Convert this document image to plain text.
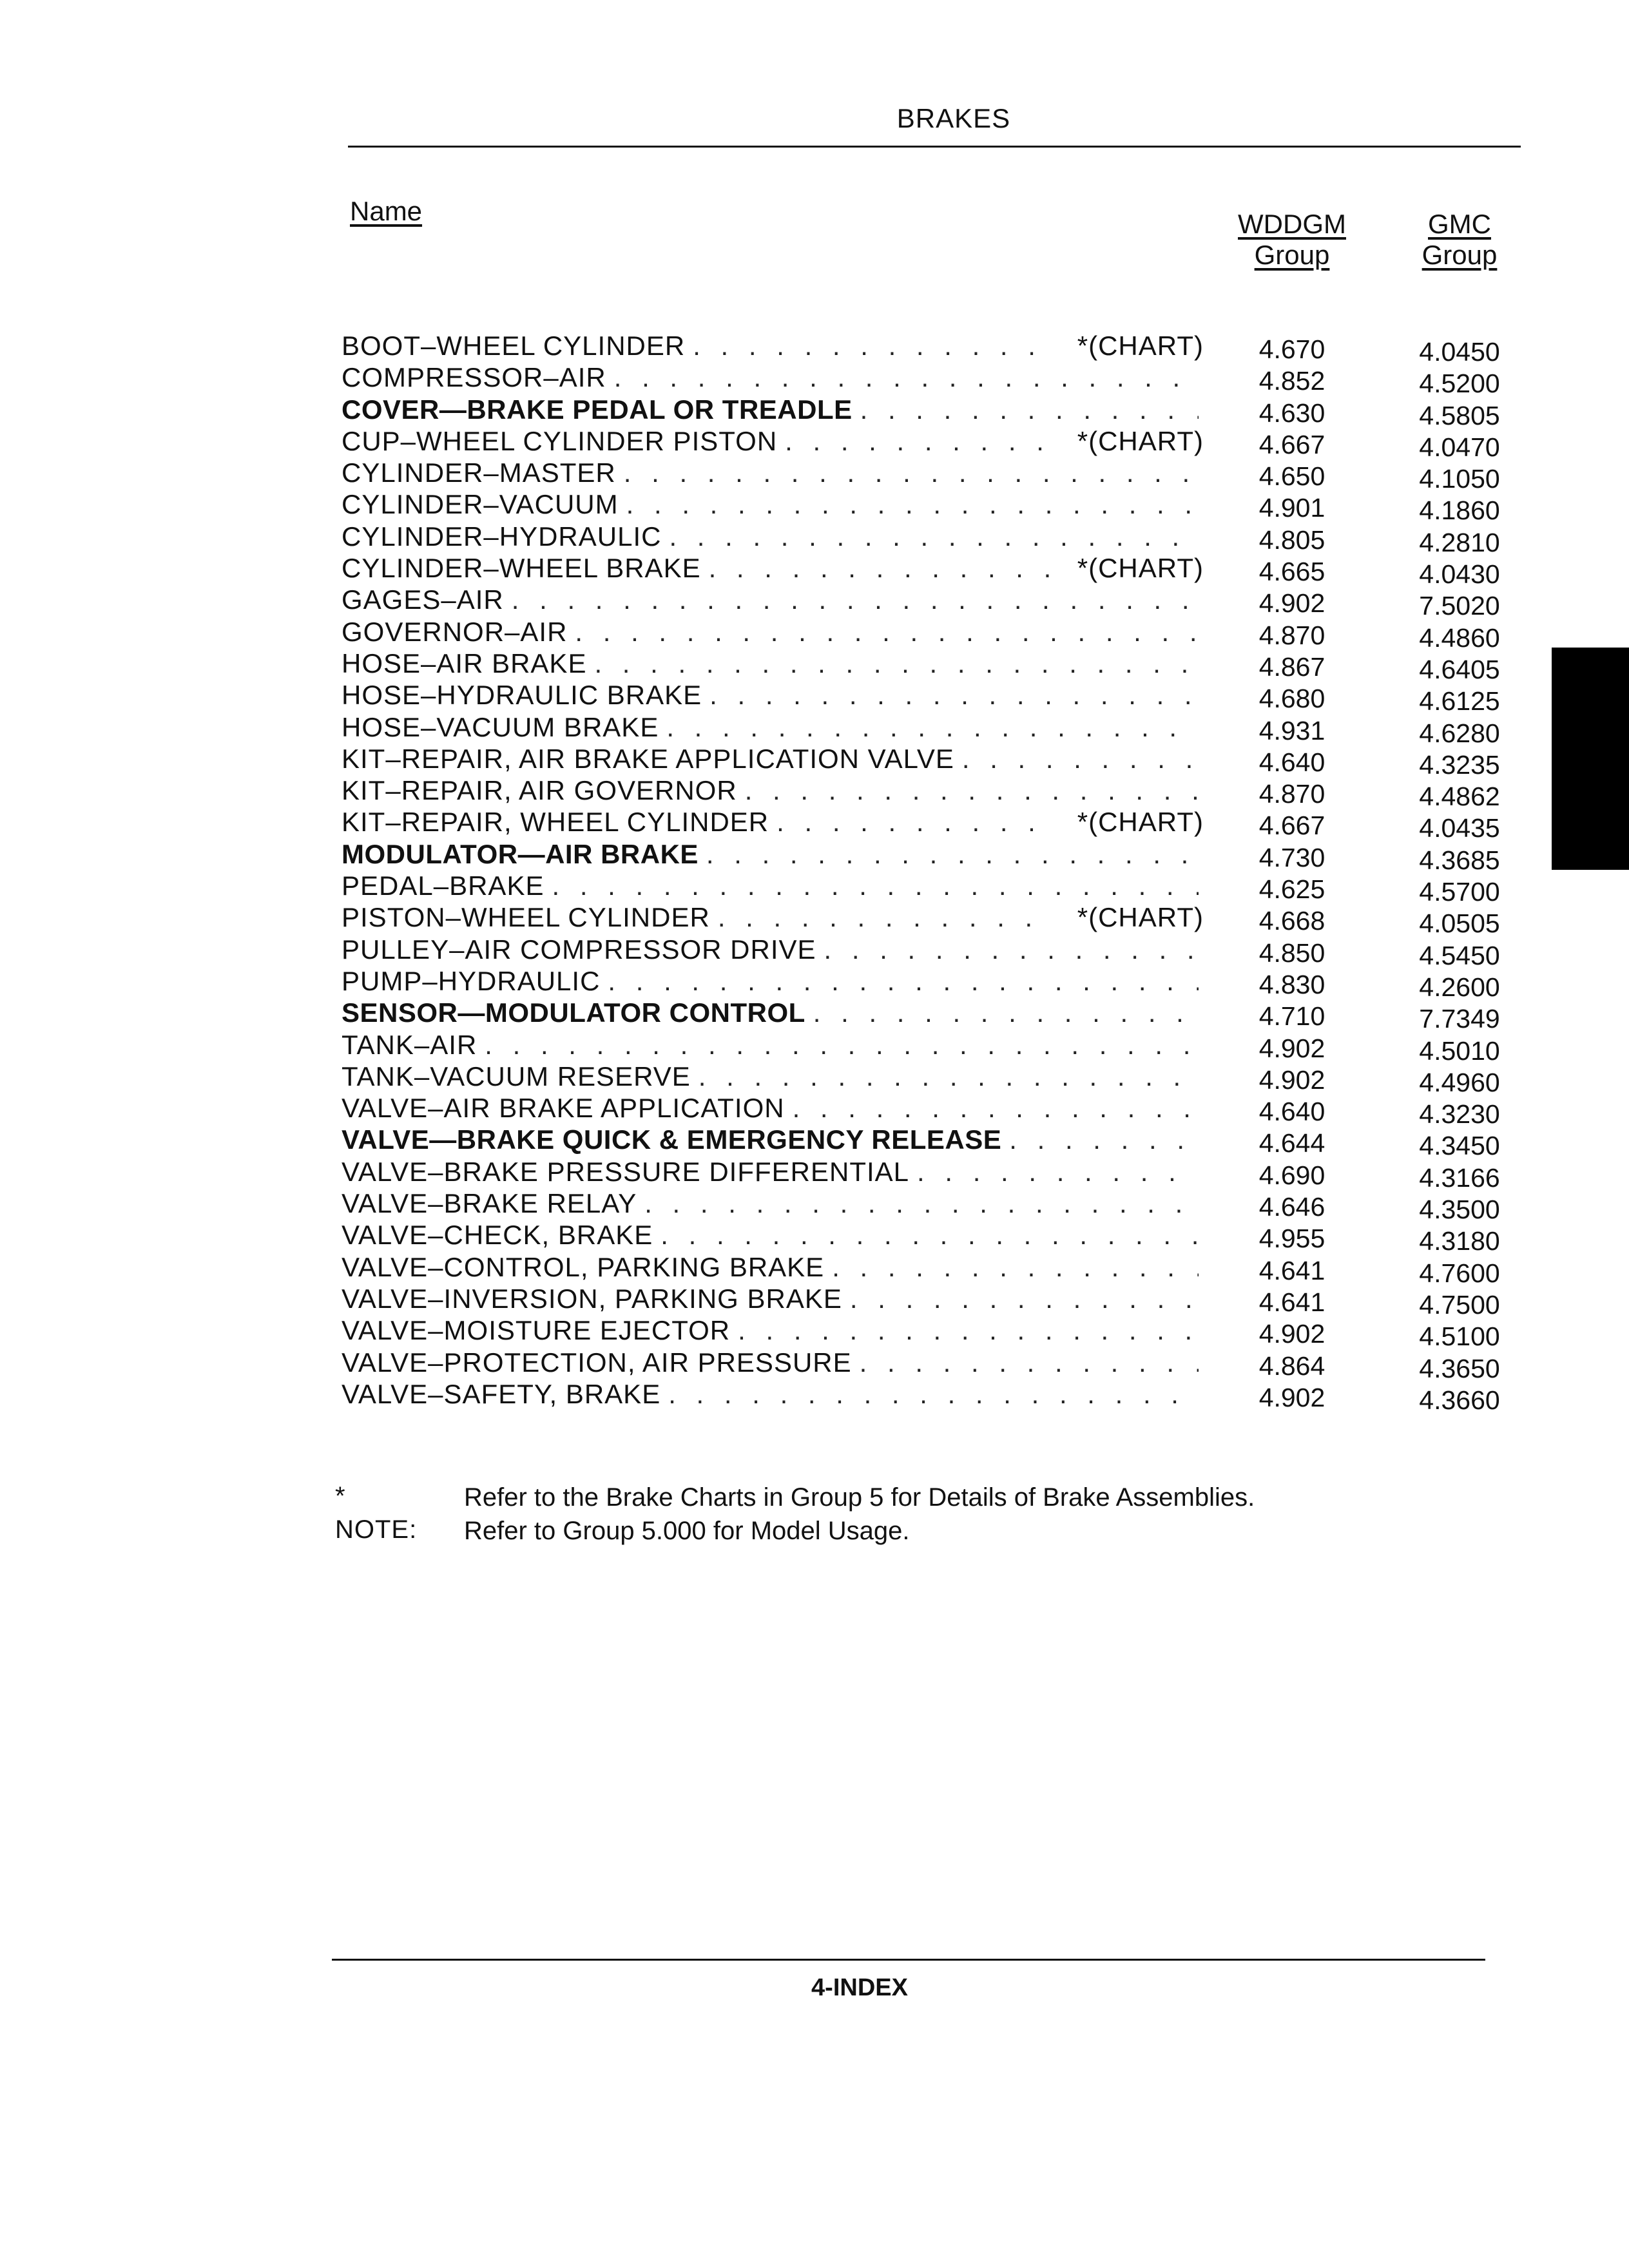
BRAKES
Name	WDDGM
Group
GMC
Group
BOOT–WHEEL CYLINDER . . .	*(CHART)	4.670	4.0450
COMPRESSOR–AIR . . .	4.852	4.5200
COVER—BRAKE PEDAL OR TREADLE . . .	4.630	4.5805
CUP–WHEEL CYLINDER PISTON . . .	*(CHART)	4.667	4.0470
CYLINDER–MASTER . . .	4.650	4.1050
CYLINDER–VACUUM . . .	4.901	4.1860
CYLINDER–HYDRAULIC . . .	4.805	4.2810
CYLINDER–WHEEL BRAKE . . .	*(CHART)	4.665	4.0430
GAGES–AIR . . .	4.902	7.5020
GOVERNOR–AIR . . .	4.870	4.4860
HOSE–AIR BRAKE . . .	4.867	4.6405
HOSE–HYDRAULIC BRAKE . . .	4.680	4.6125
HOSE–VACUUM BRAKE . . .	4.931	4.6280
KIT–REPAIR, AIR BRAKE APPLICATION VALVE . . .	4.640	4.3235
KIT–REPAIR, AIR GOVERNOR . . .	4.870	4.4862
KIT–REPAIR, WHEEL CYLINDER . . .	*(CHART)	4.667	4.0435
MODULATOR—AIR BRAKE . . .	4.730	4.3685
PEDAL–BRAKE . . .	4.625	4.5700
PISTON–WHEEL CYLINDER . . .	*(CHART)	4.668	4.0505
PULLEY–AIR COMPRESSOR DRIVE . . .	4.850	4.5450
PUMP–HYDRAULIC . . .	4.830	4.2600
SENSOR—MODULATOR CONTROL . . .	4.710	7.7349
TANK–AIR . . .	4.902	4.5010
TANK–VACUUM RESERVE . . .	4.902	4.4960
VALVE–AIR BRAKE APPLICATION . . .	4.640	4.3230
VALVE—BRAKE QUICK & EMERGENCY RELEASE . . .	4.644	4.3450
VALVE–BRAKE PRESSURE DIFFERENTIAL . . .	4.690	4.3166
VALVE–BRAKE RELAY . . .	4.646	4.3500
VALVE–CHECK, BRAKE . . .	4.955	4.3180
VALVE–CONTROL, PARKING BRAKE . . .	4.641	4.7600
VALVE–INVERSION, PARKING BRAKE . . .	4.641	4.7500
VALVE–MOISTURE EJECTOR . . .	4.902	4.5100
VALVE–PROTECTION, AIR PRESSURE . . .	4.864	4.3650
VALVE–SAFETY, BRAKE . . .	4.902	4.3660
* NOTE:
Refer to the Brake Charts in Group 5 for Details of Brake Assemblies.
Refer to Group 5.000 for Model Usage.
4-INDEX
